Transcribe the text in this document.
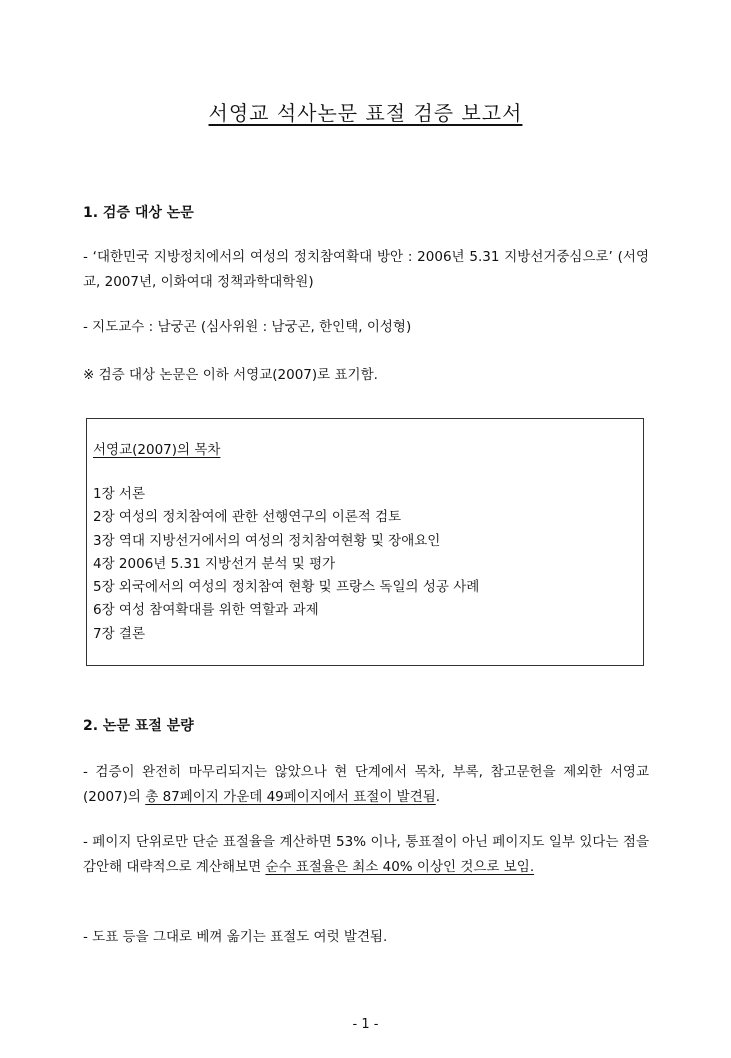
서영교 석사논문 표절 검증 보고서
1. 검증 대상 논문
- ‘대한민국 지방정치에서의 여성의 정치참여확대 방안 : 2006년 5.31 지방선거중심으로’ (서영교, 2007년, 이화여대 정책과학대학원)
- 지도교수 : 남궁곤 (심사위원 : 남궁곤, 한인택, 이성형)
※ 검증 대상 논문은 이하 서영교(2007)로 표기함.
서영교(2007)의 목차
1장 서론
2장 여성의 정치참여에 관한 선행연구의 이론적 검토
3장 역대 지방선거에서의 여성의 정치참여현황 및 장애요인
4장 2006년 5.31 지방선거 분석 및 평가
5장 외국에서의 여성의 정치참여 현황 및 프랑스 독일의 성공 사례
6장 여성 참여확대를 위한 역할과 과제
7장 결론
2. 논문 표절 분량
- 검증이 완전히 마무리되지는 않았으나 현 단계에서 목차, 부록, 참고문헌을 제외한 서영교(2007)의 총 87페이지 가운데 49페이지에서 표절이 발견됨.
- 페이지 단위로만 단순 표절율을 계산하면 53% 이나, 통표절이 아닌 페이지도 일부 있다는 점을 감안해 대략적으로 계산해보면 순수 표절율은 최소 40% 이상인 것으로 보임.
- 도표 등을 그대로 베껴 옮기는 표절도 여럿 발견됨.
- 1 -
